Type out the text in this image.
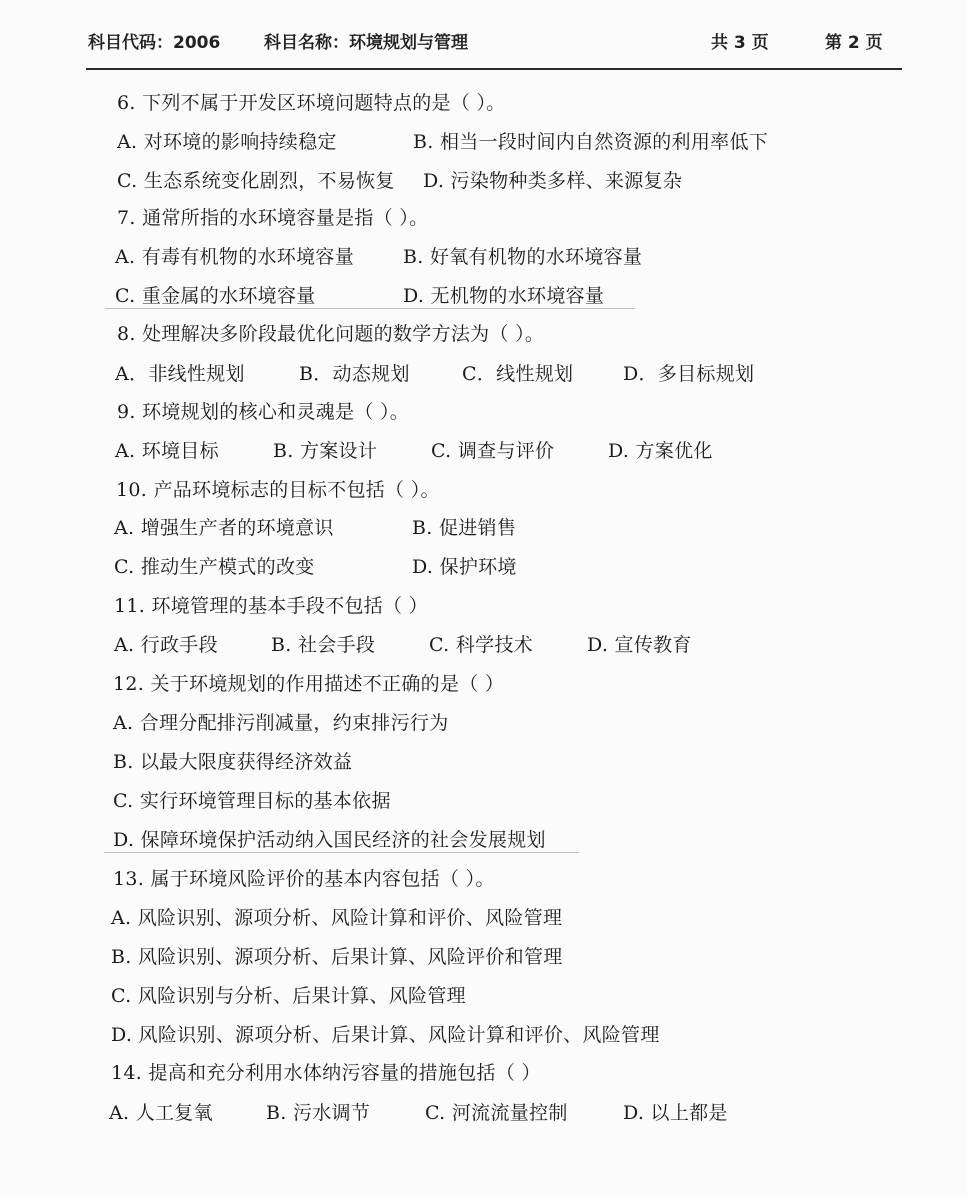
科目代码：2006	科目名称：环境规划与管理	共 3 页	第 2 页
6. 下列不属于开发区环境问题特点的是（ ）。
A. 对环境的影响持续稳定	B. 相当一段时间内自然资源的利用率低下
C. 生态系统变化剧烈，不易恢复 D. 污染物种类多样、来源复杂
7. 通常所指的水环境容量是指（ ）。
A. 有毒有机物的水环境容量	B. 好氧有机物的水环境容量
C. 重金属的水环境容量	D. 无机物的水环境容量
8. 处理解决多阶段最优化问题的数学方法为（ ）。
A．非线性规划	B．动态规划	C．线性规划	D．多目标规划
9. 环境规划的核心和灵魂是（ ）。
A. 环境目标	B. 方案设计	C. 调查与评价	D. 方案优化
10. 产品环境标志的目标不包括（ ）。
A. 增强生产者的环境意识	B. 促进销售
C. 推动生产模式的改变	D. 保护环境
11. 环境管理的基本手段不包括（ ）
A. 行政手段	B. 社会手段	C. 科学技术	D. 宣传教育
12. 关于环境规划的作用描述不正确的是（ ）
A. 合理分配排污削减量，约束排污行为
B. 以最大限度获得经济效益
C. 实行环境管理目标的基本依据
D. 保障环境保护活动纳入国民经济的社会发展规划
13. 属于环境风险评价的基本内容包括（ ）。
A. 风险识别、源项分析、风险计算和评价、风险管理
B. 风险识别、源项分析、后果计算、风险评价和管理
C. 风险识别与分析、后果计算、风险管理
D. 风险识别、源项分析、后果计算、风险计算和评价、风险管理
14. 提高和充分利用水体纳污容量的措施包括（ ）
A. 人工复氧	B. 污水调节	C. 河流流量控制	D. 以上都是
